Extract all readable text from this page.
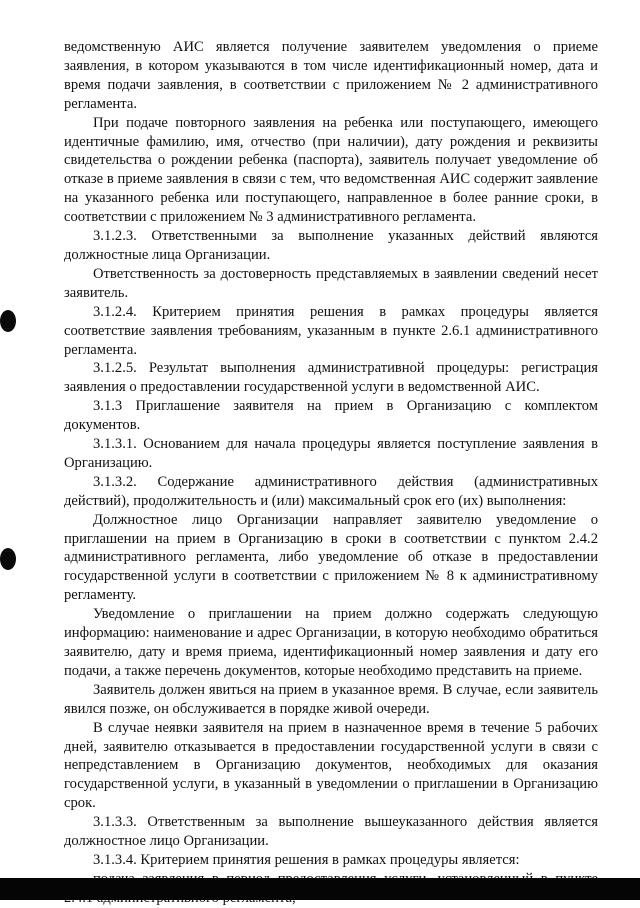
ведомственную АИС является получение заявителем уведомления о приеме заявления, в котором указываются в том числе идентификационный номер, дата и время подачи заявления, в соответствии с приложением № 2 административного регламента.

При подаче повторного заявления на ребенка или поступающего, имеющего идентичные фамилию, имя, отчество (при наличии), дату рождения и реквизиты свидетельства о рождении ребенка (паспорта), заявитель получает уведомление об отказе в приеме заявления в связи с тем, что ведомственная АИС содержит заявление на указанного ребенка или поступающего, направленное в более ранние сроки, в соответствии с приложением № 3 административного регламента.

3.1.2.3. Ответственными за выполнение указанных действий являются должностные лица Организации.

Ответственность за достоверность представляемых в заявлении сведений несет заявитель.

3.1.2.4. Критерием принятия решения в рамках процедуры является соответствие заявления требованиям, указанным в пункте 2.6.1 административного регламента.

3.1.2.5. Результат выполнения административной процедуры: регистрация заявления о предоставлении государственной услуги в ведомственной АИС.

3.1.3 Приглашение заявителя на прием в Организацию с комплектом документов.

3.1.3.1. Основанием для начала процедуры является поступление заявления в Организацию.

3.1.3.2. Содержание административного действия (административных действий), продолжительность и (или) максимальный срок его (их) выполнения:

Должностное лицо Организации направляет заявителю уведомление о приглашении на прием в Организацию в сроки в соответствии с пунктом 2.4.2 административного регламента, либо уведомление об отказе в предоставлении государственной услуги в соответствии с приложением № 8 к административному регламенту.

Уведомление о приглашении на прием должно содержать следующую информацию: наименование и адрес Организации, в которую необходимо обратиться заявителю, дату и время приема, идентификационный номер заявления и дату его подачи, а также перечень документов, которые необходимо представить на приеме.

Заявитель должен явиться на прием в указанное время. В случае, если заявитель явился позже, он обслуживается в порядке живой очереди.

В случае неявки заявителя на прием в назначенное время в течение 5 рабочих дней, заявителю отказывается в предоставлении государственной услуги в связи с непредставлением в Организацию документов, необходимых для оказания государственной услуги, в указанный в уведомлении о приглашении в Организацию срок.

3.1.3.3. Ответственным за выполнение вышеуказанного действия является должностное лицо Организации.

3.1.3.4. Критерием принятия решения в рамках процедуры является:
